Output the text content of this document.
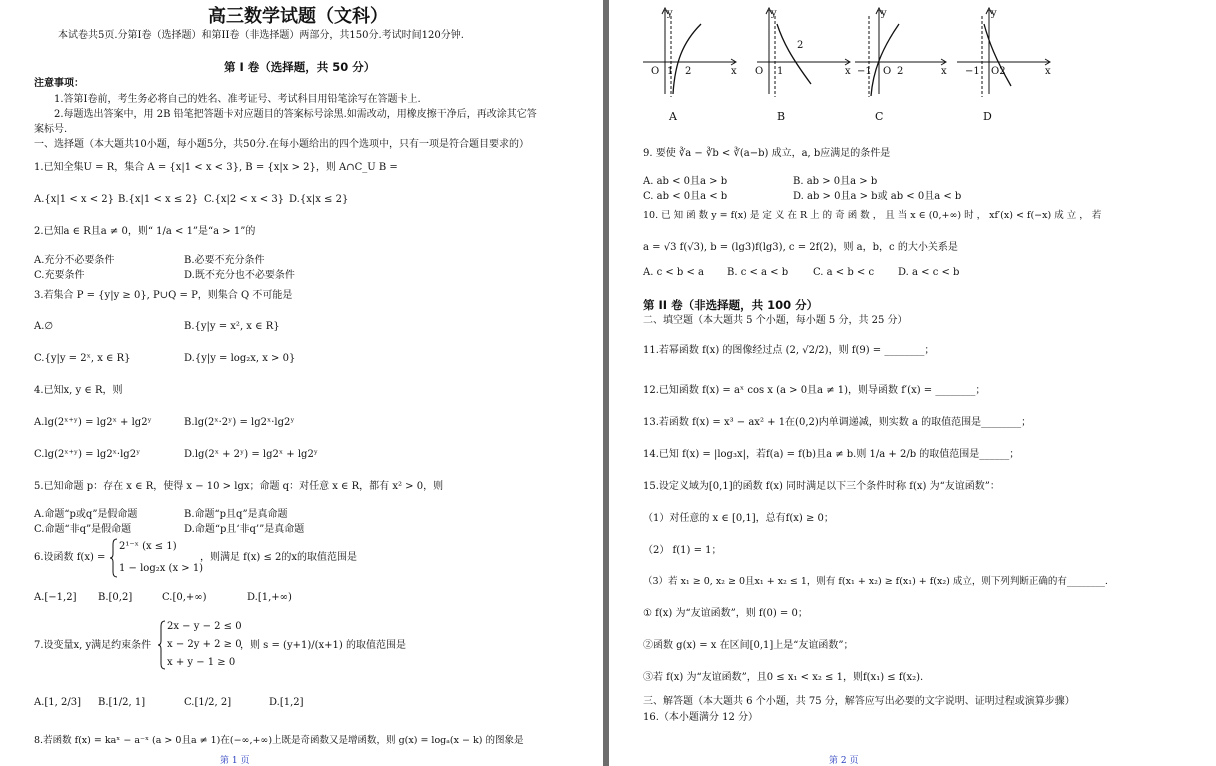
高三数学试题（文科）
本试卷共5页.分第I卷（选择题）和第II卷（非选择题）两部分，共150分.考试时间120分钟.
第 I 卷（选择题，共 50 分）
注意事项：
1.答第I卷前，考生务必将自己的姓名、准考证号、考试科目用铅笔涂写在答题卡上.
2.每题选出答案中，用 2B 铅笔把答题卡对应题目的答案标号涂黑.如需改动，用橡皮擦干净后，再改涂其它答
案标号.
一、选择题（本大题共10小题，每小题5分，共50分.在每小题给出的四个选项中，只有一项是符合题目要求的）
1.已知全集U = R，集合 A = {x|1 < x < 3}, B = {x|x > 2}，则 A∩C_U B =
A.{x|1 < x < 2} B.{x|1 < x ≤ 2} C.{x|2 < x < 3} D.{x|x ≤ 2}
2.已知a ∈ R且a ≠ 0，则“ 1/a < 1”是“a > 1”的
A.充分不必要条件	B.必要不充分条件
C.充要条件	D.既不充分也不必要条件
3.若集合 P = {y|y ≥ 0}, P∪Q = P，则集合 Q 不可能是
A.∅	B.{y|y = x², x ∈ R}
C.{y|y = 2ˣ, x ∈ R}	D.{y|y = log₂x, x > 0}
4.已知x, y ∈ R，则
A.lg(2ˣ⁺ʸ) = lg2ˣ + lg2ʸ	B.lg(2ˣ·2ʸ) = lg2ˣ·lg2ʸ
C.lg(2ˣ⁺ʸ) = lg2ˣ·lg2ʸ	D.lg(2ˣ + 2ʸ) = lg2ˣ + lg2ʸ
5.已知命题 p：存在 x ∈ R，使得 x − 10 > lgx；命题 q：对任意 x ∈ R，都有 x² > 0，则
A.命题“p或q”是假命题	B.命题“p且q”是真命题
C.命题“非q”是假命题	D.命题“p且‘非q’”是真命题
6.设函数 f(x) =
2¹⁻ˣ (x ≤ 1)
1 − log₂x (x > 1)
，则满足 f(x) ≤ 2的x的取值范围是
A.[−1,2] B.[0,2]	C.[0,+∞)	D.[1,+∞)
7.设变量x, y满足约束条件
2x − y − 2 ≤ 0
x − 2y + 2 ≥ 0
x + y − 1 ≥ 0
，则 s = (y+1)/(x+1) 的取值范围是
A.[1, 2/3] B.[1/2, 1]	C.[1/2, 2]	D.[1,2]
8.若函数 f(x) = kaˣ − a⁻ˣ (a > 0且a ≠ 1)在(−∞,+∞)上既是奇函数又是增函数，则 g(x) = logₐ(x − k) 的图象是
第 1 页
y
x
O 1 2
y
x
O 1
2
y
x
−1 O 2
y
x
−1 O2
A	B	C	D
9. 要使 ∛a − ∛b < ∛(a−b) 成立，a, b应满足的条件是
A. ab < 0且a > b	B. ab > 0且a > b
C. ab < 0且a < b	D. ab > 0且a > b或 ab < 0且a < b
10. 已 知 函 数 y = f(x) 是 定 义 在 R 上 的 奇 函 数 ， 且 当 x ∈ (0,+∞) 时 ， xf′(x) < f(−x) 成 立 ， 若
a = √3 f(√3), b = (lg3)f(lg3), c = 2f(2)，则 a，b，c 的大小关系是
A. c < b < a B. c < a < b C. a < b < c D. a < c < b
第 II 卷（非选择题，共 100 分）
二、填空题（本大题共 5 个小题，每小题 5 分，共 25 分）
11.若幂函数 f(x) 的图像经过点 (2, √2/2)，则 f(9) = ________；
12.已知函数 f(x) = aˣ cos x (a > 0且a ≠ 1)，则导函数 f′(x) = ________；
13.若函数 f(x) = x³ − ax² + 1在(0,2)内单调递减，则实数 a 的取值范围是________；
14.已知 f(x) = |log₃x|，若f(a) = f(b)且a ≠ b.则 1/a + 2/b 的取值范围是______；
15.设定义域为[0,1]的函数 f(x) 同时满足以下三个条件时称 f(x) 为“友谊函数”：
（1）对任意的 x ∈ [0,1]，总有f(x) ≥ 0；
（2） f(1) = 1；
（3）若 x₁ ≥ 0, x₂ ≥ 0且x₁ + x₂ ≤ 1，则有 f(x₁ + x₂) ≥ f(x₁) + f(x₂) 成立，则下列判断正确的有________.
① f(x) 为“友谊函数”，则 f(0) = 0；
②函数 g(x) = x 在区间[0,1]上是“友谊函数”；
③若 f(x) 为“友谊函数”，且0 ≤ x₁ < x₂ ≤ 1，则f(x₁) ≤ f(x₂).
三、解答题（本大题共 6 个小题，共 75 分，解答应写出必要的文字说明、证明过程或演算步骤）
16.（本小题满分 12 分）
第 2 页
